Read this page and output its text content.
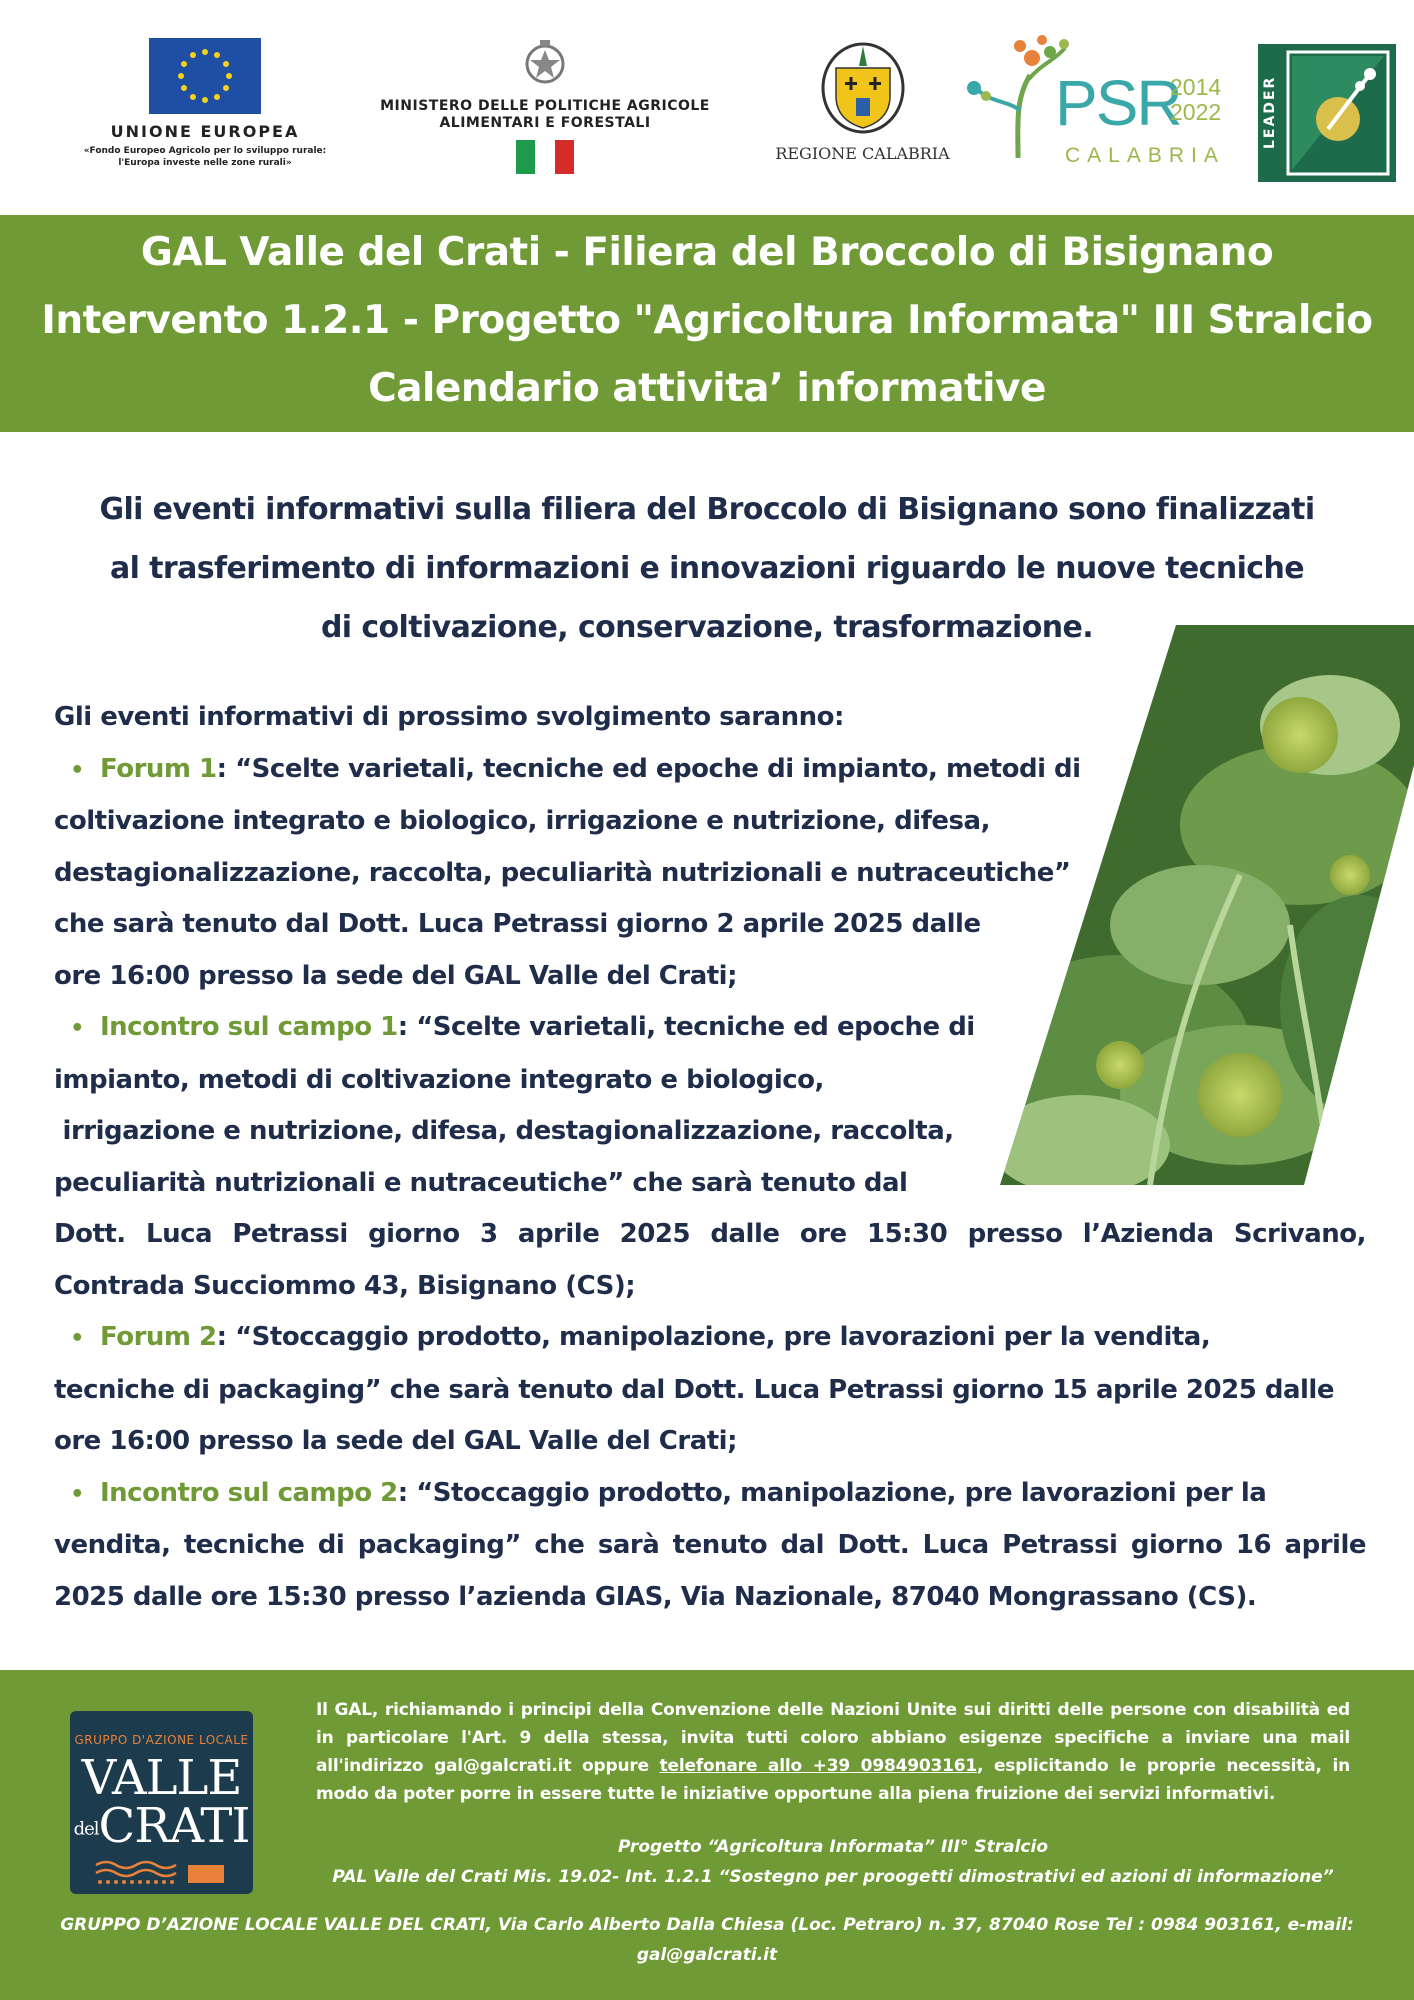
UNIONE EUROPEA
«Fondo Europeo Agricolo per lo sviluppo rurale:
l'Europa investe nelle zone rurali»
MINISTERO DELLE POLITICHE AGRICOLE
ALIMENTARI E FORESTALI
REGIONE CALABRIA
PSR
2014
2022
CALABRIA
LEADER
GAL Valle del Crati - Filiera del Broccolo di Bisignano
Intervento 1.2.1 - Progetto "Agricoltura Informata" III Stralcio
Calendario attivita’ informative
Gli eventi informativi sulla filiera del Broccolo di Bisignano sono finalizzati
al trasferimento di informazioni e innovazioni riguardo le nuove tecniche
di coltivazione, conservazione, trasformazione.

Gli eventi informativi di prossimo svolgimento saranno:

• Forum 1: “Scelte varietali, tecniche ed epoche di impianto, metodi di

coltivazione integrato e biologico, irrigazione e nutrizione, difesa,

destagionalizzazione, raccolta, peculiarità nutrizionali e nutraceutiche”

che sarà tenuto dal Dott. Luca Petrassi giorno 2 aprile 2025 dalle

ore 16:00 presso la sede del GAL Valle del Crati;

• Incontro sul campo 1: “Scelte varietali, tecniche ed epoche di

impianto, metodi di coltivazione integrato e biologico,

irrigazione e nutrizione, difesa, destagionalizzazione, raccolta,

peculiarità nutrizionali e nutraceutiche” che sarà tenuto dal

Dott. Luca Petrassi giorno 3 aprile 2025 dalle ore 15:30 presso l’Azienda Scrivano,

Contrada Succiommo 43, Bisignano (CS);

• Forum 2: “Stoccaggio prodotto, manipolazione, pre lavorazioni per la vendita,

tecniche di packaging” che sarà tenuto dal Dott. Luca Petrassi giorno 15 aprile 2025 dalle

ore 16:00 presso la sede del GAL Valle del Crati;

• Incontro sul campo 2: “Stoccaggio prodotto, manipolazione, pre lavorazioni per la

vendita, tecniche di packaging” che sarà tenuto dal Dott. Luca Petrassi giorno 16 aprile

2025 dalle ore 15:30 presso l’azienda GIAS, Via Nazionale, 87040 Mongrassano (CS).

GRUPPO D'AZIONE LOCALE
VALLE
delCRATI
Il GAL, richiamando i principi della Convenzione delle Nazioni Unite sui diritti delle persone con disabilità ed in particolare l'Art. 9 della stessa, invita tutti coloro abbiano esigenze specifiche a inviare una mail all'indirizzo gal@galcrati.it oppure telefonare allo +39 0984903161, esplicitando le proprie necessità, in modo da poter porre in essere tutte le iniziative opportune alla piena fruizione dei servizi informativi.
Progetto “Agricoltura Informata” III° Stralcio
PAL Valle del Crati Mis. 19.02- Int. 1.2.1 “Sostegno per proogetti dimostrativi ed azioni di informazione”
GRUPPO D’AZIONE LOCALE VALLE DEL CRATI, Via Carlo Alberto Dalla Chiesa (Loc. Petraro) n. 37, 87040 Rose Tel : 0984 903161, e-mail:
gal@galcrati.it
